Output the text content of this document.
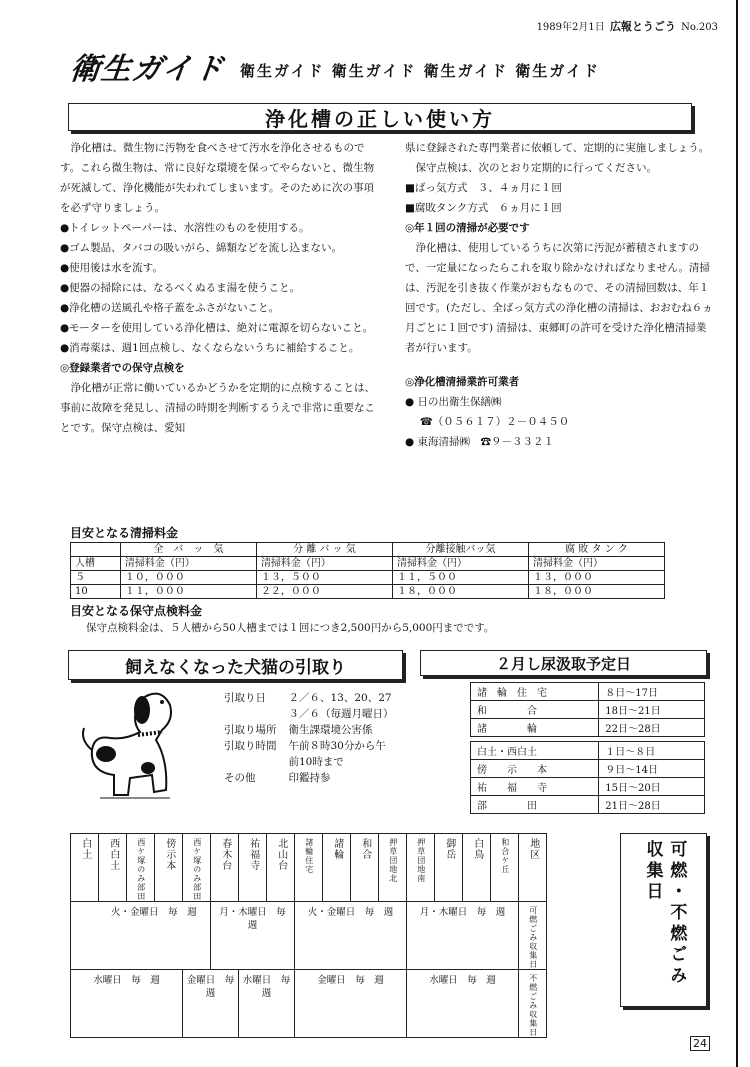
1989年2月1日 広報とうごう No.203
衛生ガイド 衛生ガイド 衛生ガイド 衛生ガイド 衛生ガイド
浄化槽の正しい使い方

浄化槽は、微生物に汚物を食べさせて汚水を浄化させるものです。これら微生物は、常に良好な環境を保ってやらないと、微生物が死滅して、浄化機能が失われてしまいます。そのために次の事項を必ず守りましょう。

●トイレットペーパーは、水溶性のものを使用する。

●ゴム製品、タバコの吸いがら、綿類などを流し込まない。

●使用後は水を流す。

●便器の掃除には、なるべくぬるま湯を使うこと。

●浄化槽の送風孔や格子蓋をふさがないこと。

●モーターを使用している浄化槽は、絶対に電源を切らないこと。

●消毒薬は、週1回点検し、なくならないうちに補給すること。

◎登録業者での保守点検を

浄化槽が正常に働いているかどうかを定期的に点検することは、事前に故障を発見し、清掃の時期を判断するうえで非常に重要なことです。保守点検は、愛知

県に登録された専門業者に依頼して、定期的に実施しましょう。

保守点検は、次のとおり定期的に行ってください。

■ばっ気方式　３、４ヵ月に１回

■腐敗タンク方式　６ヵ月に１回

◎年１回の清掃が必要です

浄化槽は、使用しているうちに次第に汚泥が蓄積されますので、一定量になったらこれを取り除かなければなりません。清掃は、汚泥を引き抜く作業がおもなもので、その清掃回数は、年１回です。(ただし、全ばっ気方式の浄化槽の清掃は、おおむね６ヵ月ごとに１回です) 清掃は、東郷町の許可を受けた浄化槽清掃業者が行います。

◎浄化槽清掃業許可業者

● 日の出衛生保繕㈱

☎（０５６１７）２－０４５０

● 東海清掃㈱　 ☎９－３３２１

目安となる清掃料金
	全　バ　ッ　気	分 離 バ ッ 気	分離接触バッ気	腐 敗 タ ン ク
人槽	清掃料金（円）	清掃料金（円）	清掃料金（円）	清掃料金（円）
５	１０，０００	１３，５００	１１，５００	１３，０００
10	１１，０００	２２，０００	１８，０００	１８，０００
目安となる保守点検料金
保守点検料金は、５人槽から50人槽までは１回につき2,500円から5,000円までです。
飼えなくなった犬猫の引取り
引取り日	２／６、13、20、27
	３／６（毎週月曜日）
引取り場所	衛生課環境公害係
引取り時間	午前８時30分から午
	前10時まで
その他	印鑑持参
２月し尿汲取予定日
諸　輪　住　宅	８日～17日
和　　　　合	18日～21日
諸　　　　輪	22日～28日

白土・西白土	１日～８日
傍　　示　　本	９日～14日
祐　　福　　寺	15日～20日
部　　　　田	21日～28日
白土	西白土	西ケ塚のみ部田	傍示本	西ケ塚のみ部田	春木台	祐福寺	北山台	諸輪住宅	諸輪	和合	押草団地北	押草団地南	御岳	白鳥	和合ケ丘	地区

火・金曜日　 毎　 週					月・木曜日　 毎　週			火・金曜日　 毎　 週				月・木曜日　 毎　 週				可燃ごみ収集日

水曜日　 毎　 週				金曜日　 毎　週		水曜日　 毎　週		金曜日　 毎　 週				水曜日　 毎　 週				不燃ごみ収集日
可燃・不燃ごみ
収集日
24
